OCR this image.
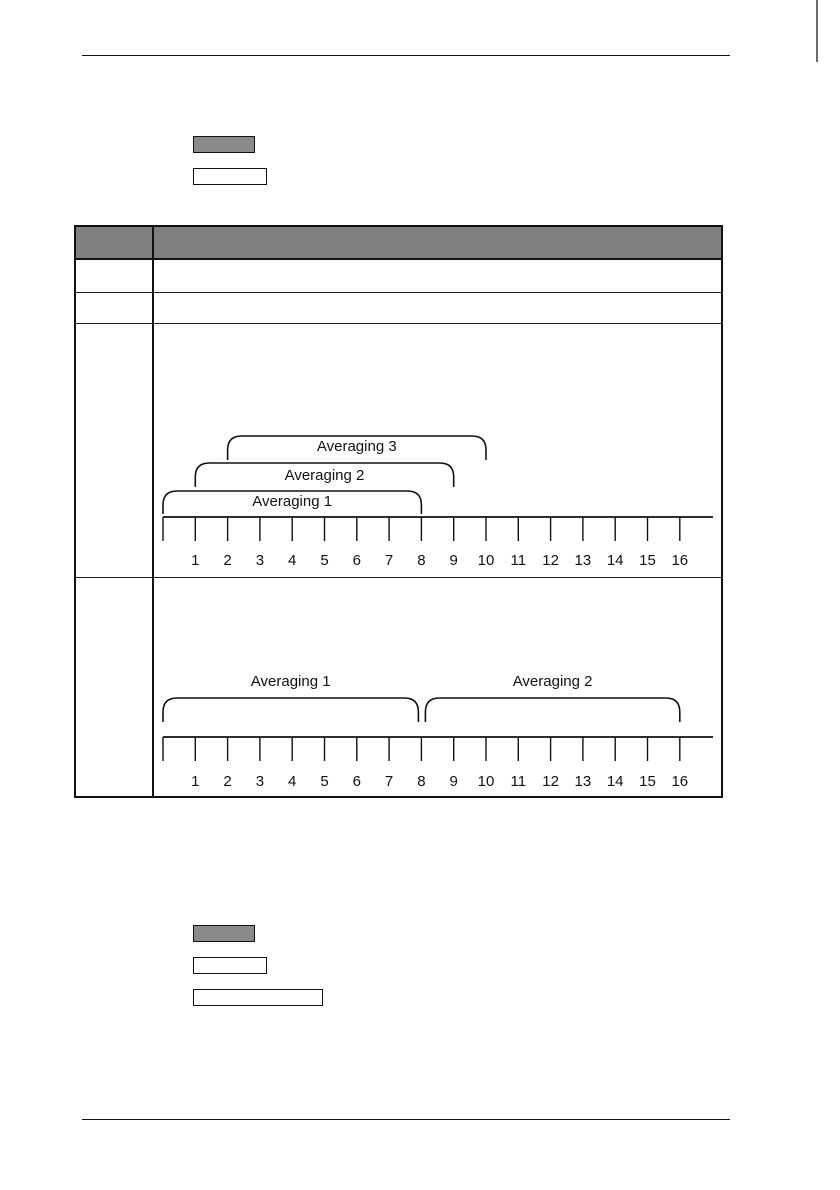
1 2 3 4 5 6 7 8 9 10 11 12 13 14 15 16
Averaging 1
Averaging 2
Averaging 3
1 2 3 4 5 6 7 8 9 10 11 12 13 14 15 16
Averaging 1	Averaging 2
